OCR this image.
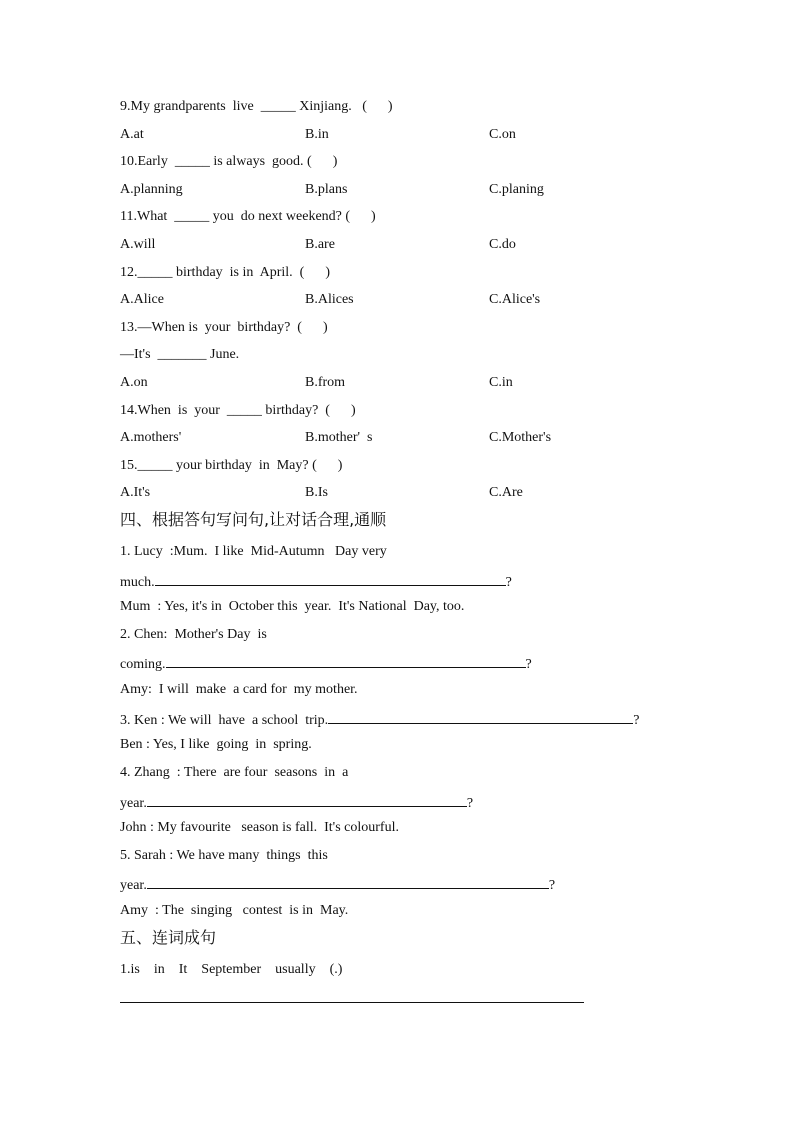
9.My grandparents  live  _____ Xinjiang.   (      )
A.at	B.in	C.on
10.Early  _____ is always  good. (      )
A.planning	B.plans	C.planing
11.What  _____ you  do next weekend? (      )
A.will	B.are	C.do
12._____ birthday  is in  April.  (      )
A.Alice	B.Alices	C.Alice's
13.—When is  your  birthday?  (      )
—It's  _______ June.
A.on	B.from	C.in
14.When  is  your  _____ birthday?  (      )
A.mothers'	B.mother'  s	C.Mother's
15._____ your birthday  in  May? (      )
A.It's	B.Is	C.Are
四、根据答句写问句,让对话合理,通顺
1. Lucy  :Mum.  I like  Mid-Autumn   Day very
much.	?
Mum  : Yes, it's in  October this  year.  It's National  Day, too.
2. Chen:  Mother's Day  is
coming.	?
Amy:  I will  make  a card for  my mother.
3. Ken : We will  have  a school  trip.	?
Ben : Yes, I like  going  in  spring.
4. Zhang  : There  are four  seasons  in  a
year.	?
John : My favourite   season is fall.  It's colourful.
5. Sarah : We have many  things  this
year.	?
Amy  : The  singing   contest  is in  May.
五、连词成句
1.is    in    It    September    usually    (.)
